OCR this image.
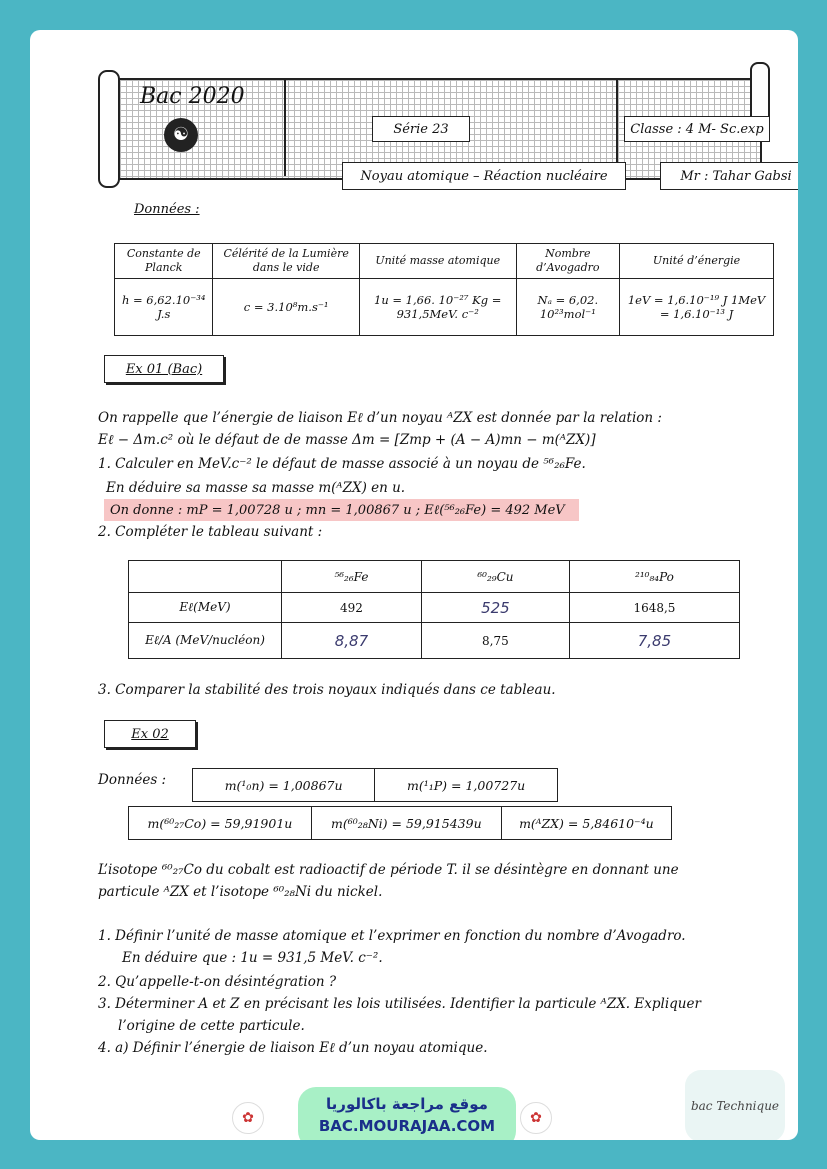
Bac 2020
☯	Série 23	Classe : 4 M- Sc.exp
Noyau atomique – Réaction nucléaire	Mr : Tahar Gabsi
Données :
Constante de Planck	Célérité de la Lumière dans le vide	Unité masse atomique	Nombre d’Avogadro	Unité d’énergie
h = 6,62.10⁻³⁴ J.s	c = 3.10⁸m.s⁻¹	1u = 1,66. 10⁻²⁷ Kg = 931,5MeV. c⁻²	Nₐ = 6,02. 10²³mol⁻¹	1eV = 1,6.10⁻¹⁹ J 1MeV = 1,6.10⁻¹³ J
Ex 01 (Bac)
On rappelle que l’énergie de liaison Eℓ d’un noyau ᴬZX est donnée par la relation :
Eℓ − Δm.c² où le défaut de de masse Δm = [Zmp + (A − A)mn − m(ᴬZX)]
1. Calculer en MeV.c⁻² le défaut de masse associé à un noyau de ⁵⁶₂₆Fe.
En déduire sa masse sa masse m(ᴬZX) en u.
On donne : mP = 1,00728 u ; mn = 1,00867 u ; Eℓ(⁵⁶₂₆Fe) = 492 MeV
2. Compléter le tableau suivant :
	⁵⁶₂₆Fe	⁶⁰₂₉Cu	²¹⁰₈₄Po
Eℓ(MeV)	492	525	1648,5
Eℓ/A (MeV/nucléon)	8,87	8,75	7,85
3. Comparer la stabilité des trois noyaux indiqués dans ce tableau.
Ex 02
Données :	m(¹₀n) = 1,00867u	m(¹₁P) = 1,00727u
m(⁶⁰₂₇Co) = 59,91901u	m(⁶⁰₂₈Ni) = 59,915439u	m(ᴬZX) = 5,84610⁻⁴u
L’isotope ⁶⁰₂₇Co du cobalt est radioactif de période T. il se désintègre en donnant une
particule ᴬZX et l’isotope ⁶⁰₂₈Ni du nickel.
1. Définir l’unité de masse atomique et l’exprimer en fonction du nombre d’Avogadro.
En déduire que : 1u = 931,5 MeV. c⁻².
2. Qu’appelle-t-on désintégration ?
3. Déterminer A et Z en précisant les lois utilisées. Identifier la particule ᴬZX. Expliquer
l’origine de cette particule.
4. a) Définir l’énergie de liaison Eℓ d’un noyau atomique.
✿
موقع مراجعة باكالوريا
BAC.MOURAJAA.COM	✿
bac Technique
